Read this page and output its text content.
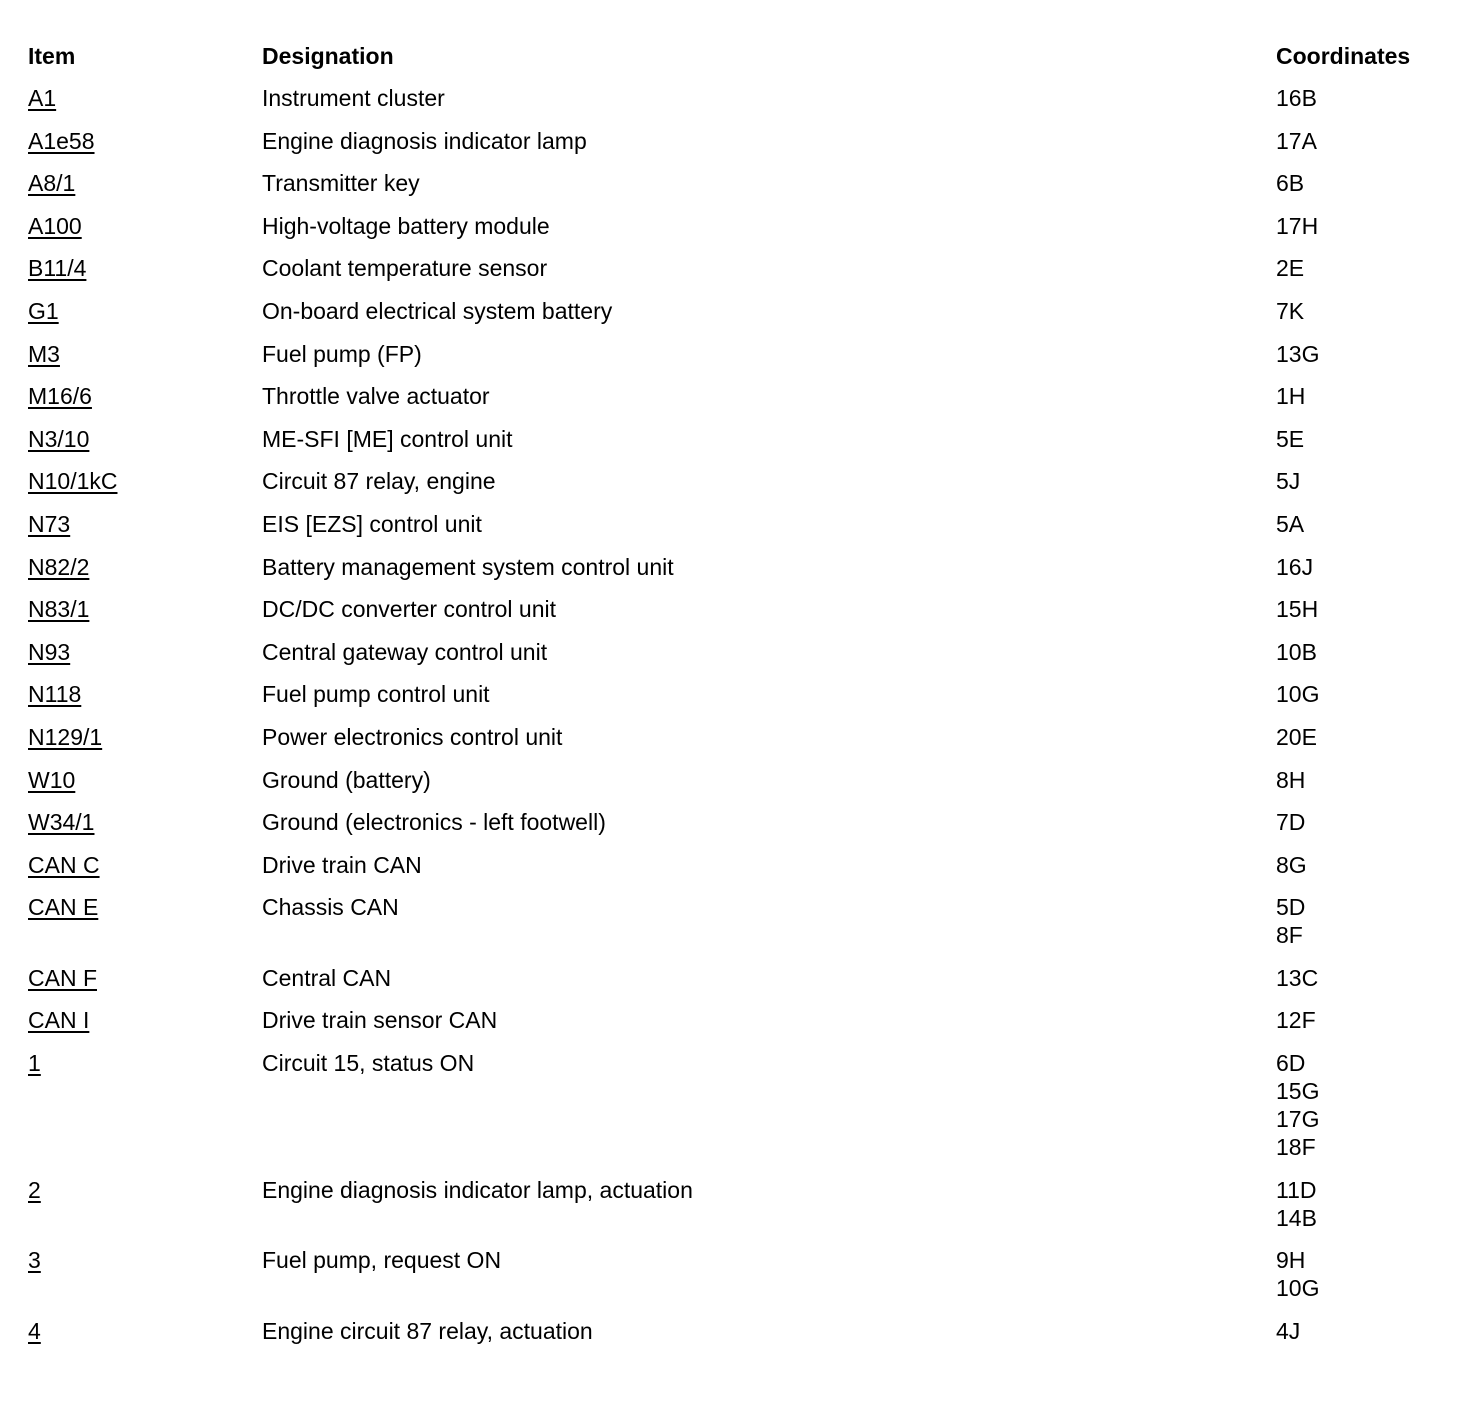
Item	Designation	Coordinates
A1	Instrument cluster	16B

A1e58	Engine diagnosis indicator lamp	17A

A8/1	Transmitter key	6B

A100	High-voltage battery module	17H

B11/4	Coolant temperature sensor	2E

G1	On-board electrical system battery	7K

M3	Fuel pump (FP)	13G

M16/6	Throttle valve actuator	1H

N3/10	ME-SFI [ME] control unit	5E

N10/1kC	Circuit 87 relay, engine	5J

N73	EIS [EZS] control unit	5A

N82/2	Battery management system control unit	16J

N83/1	DC/DC converter control unit	15H

N93	Central gateway control unit	10B

N118	Fuel pump control unit	10G

N129/1	Power electronics control unit	20E

W10	Ground (battery)	8H

W34/1	Ground (electronics - left footwell)	7D

CAN C	Drive train CAN	8G

CAN E	Chassis CAN	5D
8F

CAN F	Central CAN	13C

CAN I	Drive train sensor CAN	12F

1	Circuit 15, status ON	6D
15G
17G
18F

2	Engine diagnosis indicator lamp, actuation	11D
14B

3	Fuel pump, request ON	9H
10G

4	Engine circuit 87 relay, actuation	4J
